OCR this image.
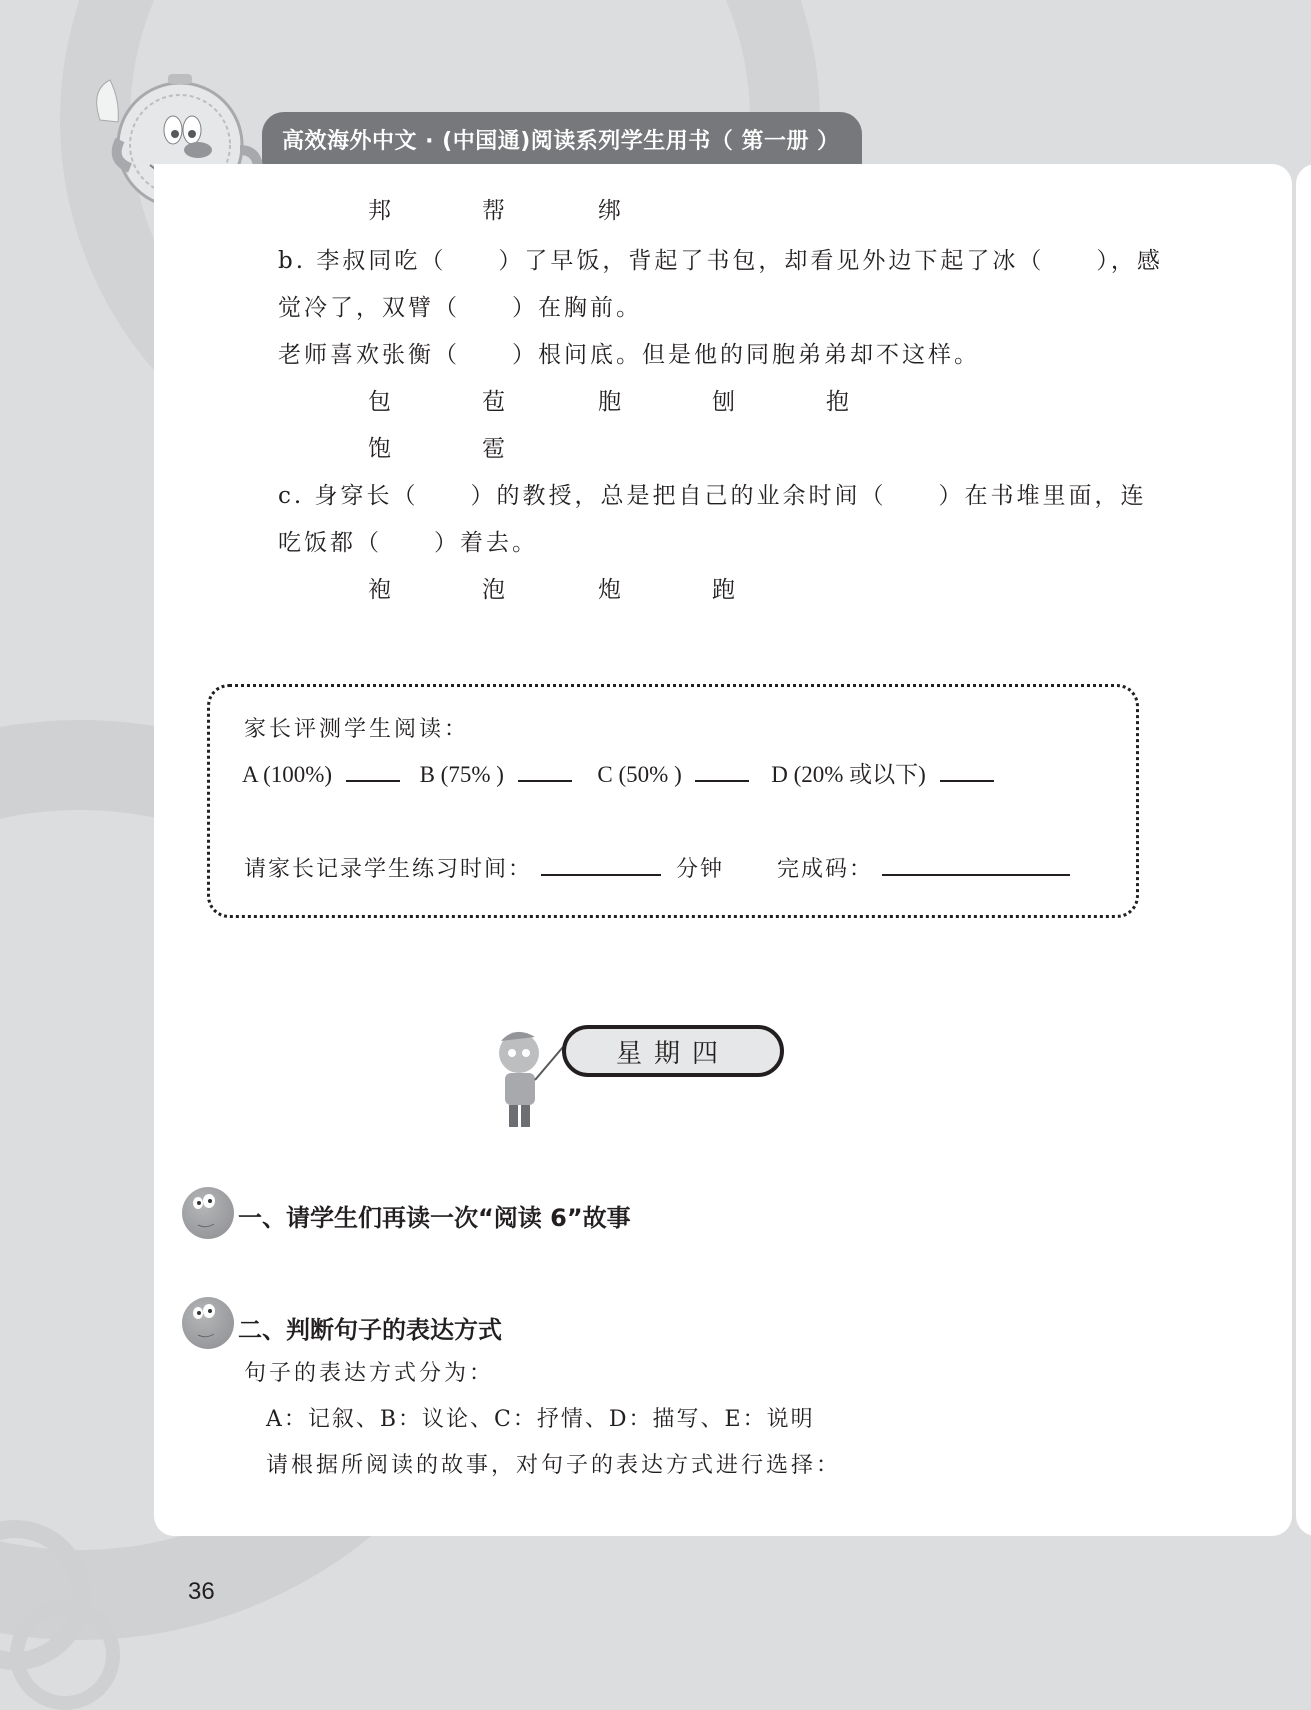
高效海外中文 · (中国通)阅读系列学生用书（ 第一册 ）
邦	帮	绑
b. 李叔同吃（　　）了早饭，背起了书包，却看见外边下起了冰（　　），感
觉冷了，双臂（　　）在胸前。
老师喜欢张衡（　　）根问底。但是他的同胞弟弟却不这样。
包	苞	胞	刨	抱
饱	雹
c. 身穿长（　　）的教授，总是把自己的业余时间（　　）在书堆里面，连
吃饭都（　　）着去。
袍	泡	炮	跑
家长评测学生阅读：
A (100%)	B (75% )	C (50% )	D (20% 或以下)
请家长记录学生练习时间：	分钟 完成码：
星期四
一、请学生们再读一次“阅读 6”故事
二、判断句子的表达方式
句子的表达方式分为：
A：记叙、B：议论、C：抒情、D：描写、E：说明
请根据所阅读的故事，对句子的表达方式进行选择：
36
